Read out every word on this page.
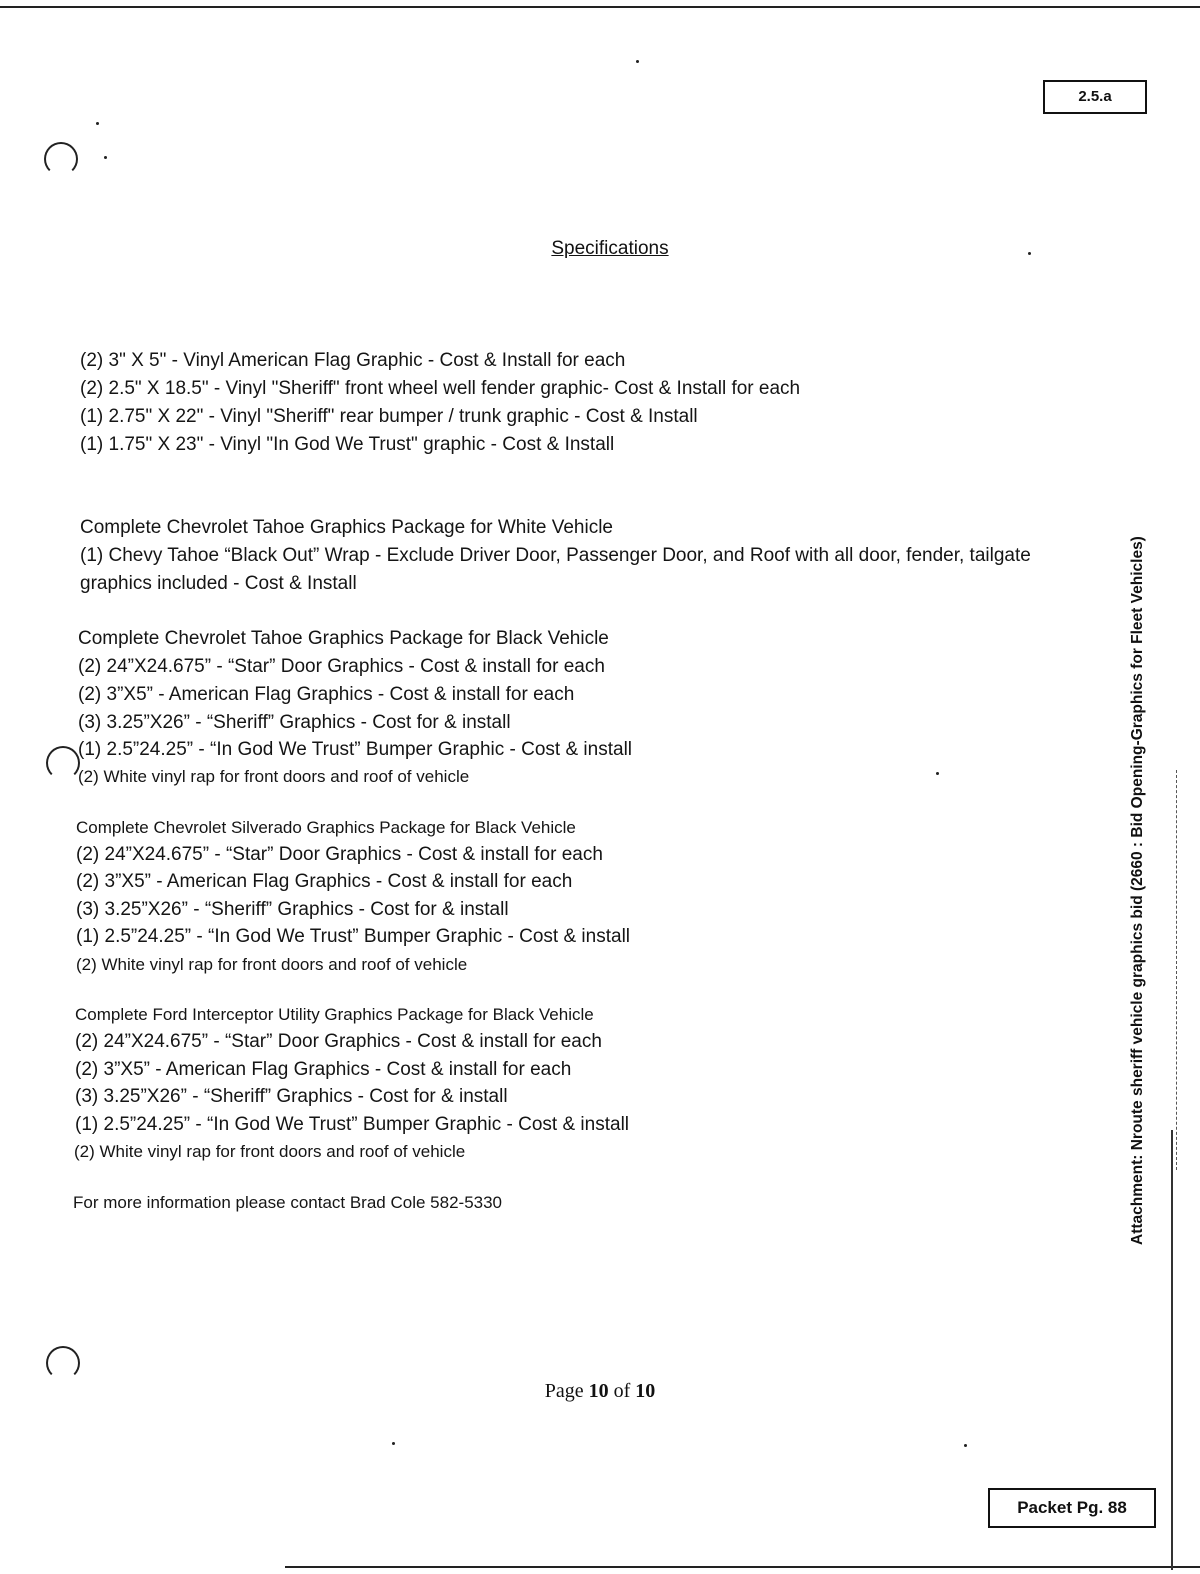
2.5.a
Specifications
(2) 3" X 5" - Vinyl American Flag Graphic - Cost & Install for each
(2) 2.5" X 18.5" - Vinyl "Sheriff" front wheel well fender graphic- Cost & Install for each
(1) 2.75" X 22" - Vinyl "Sheriff" rear bumper / trunk graphic - Cost & Install
(1) 1.75" X 23" - Vinyl "In God We Trust" graphic - Cost & Install
Complete Chevrolet Tahoe Graphics Package for White Vehicle
(1) Chevy Tahoe “Black Out” Wrap - Exclude Driver Door, Passenger Door, and Roof with all door, fender, tailgate
graphics included - Cost & Install
Complete Chevrolet Tahoe Graphics Package for Black Vehicle
(2) 24”X24.675” - “Star” Door Graphics - Cost & install for each
(2) 3”X5” - American Flag Graphics - Cost & install for each
(3) 3.25”X26” - “Sheriff” Graphics - Cost for & install
(1) 2.5”24.25” - “In God We Trust” Bumper Graphic - Cost & install
(2) White vinyl rap for front doors and roof of vehicle
Complete Chevrolet Silverado Graphics Package for Black Vehicle
(2) 24”X24.675” - “Star” Door Graphics - Cost & install for each
(2) 3”X5” - American Flag Graphics - Cost & install for each
(3) 3.25”X26” - “Sheriff” Graphics - Cost for & install
(1) 2.5”24.25” - “In God We Trust” Bumper Graphic - Cost & install
(2) White vinyl rap for front doors and roof of vehicle
Complete Ford Interceptor Utility Graphics Package for Black Vehicle
(2) 24”X24.675” - “Star” Door Graphics - Cost & install for each
(2) 3”X5” - American Flag Graphics - Cost & install for each
(3) 3.25”X26” - “Sheriff” Graphics - Cost for & install
(1) 2.5”24.25” - “In God We Trust” Bumper Graphic - Cost & install
(2) White vinyl rap for front doors and roof of vehicle
For more information please contact Brad Cole 582-5330	Attachment: Nroute sheriff vehicle graphics bid (2660 : Bid Opening-Graphics for Fleet Vehicles)
Page 10 of 10
Packet Pg. 88
